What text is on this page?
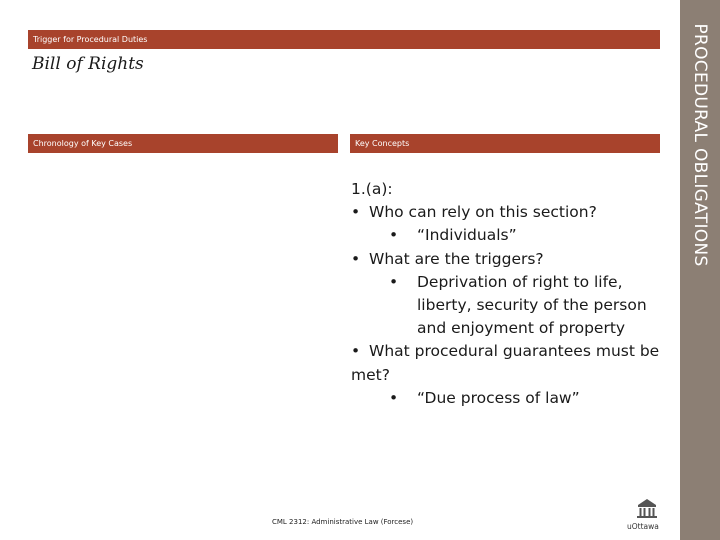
PROCEDURAL OBLIGATIONS
Trigger for Procedural Duties
Bill of Rights
Chronology of Key Cases	Key Concepts
1.(a):
• Who can rely on this section?
•	“Individuals”
• What are the triggers?
•	Deprivation of right to life,
liberty, security of the person
and enjoyment of property
• What procedural guarantees must be
met?
•	“Due process of law”
CML 2312: Administrative Law (Forcese)	uOttawa
